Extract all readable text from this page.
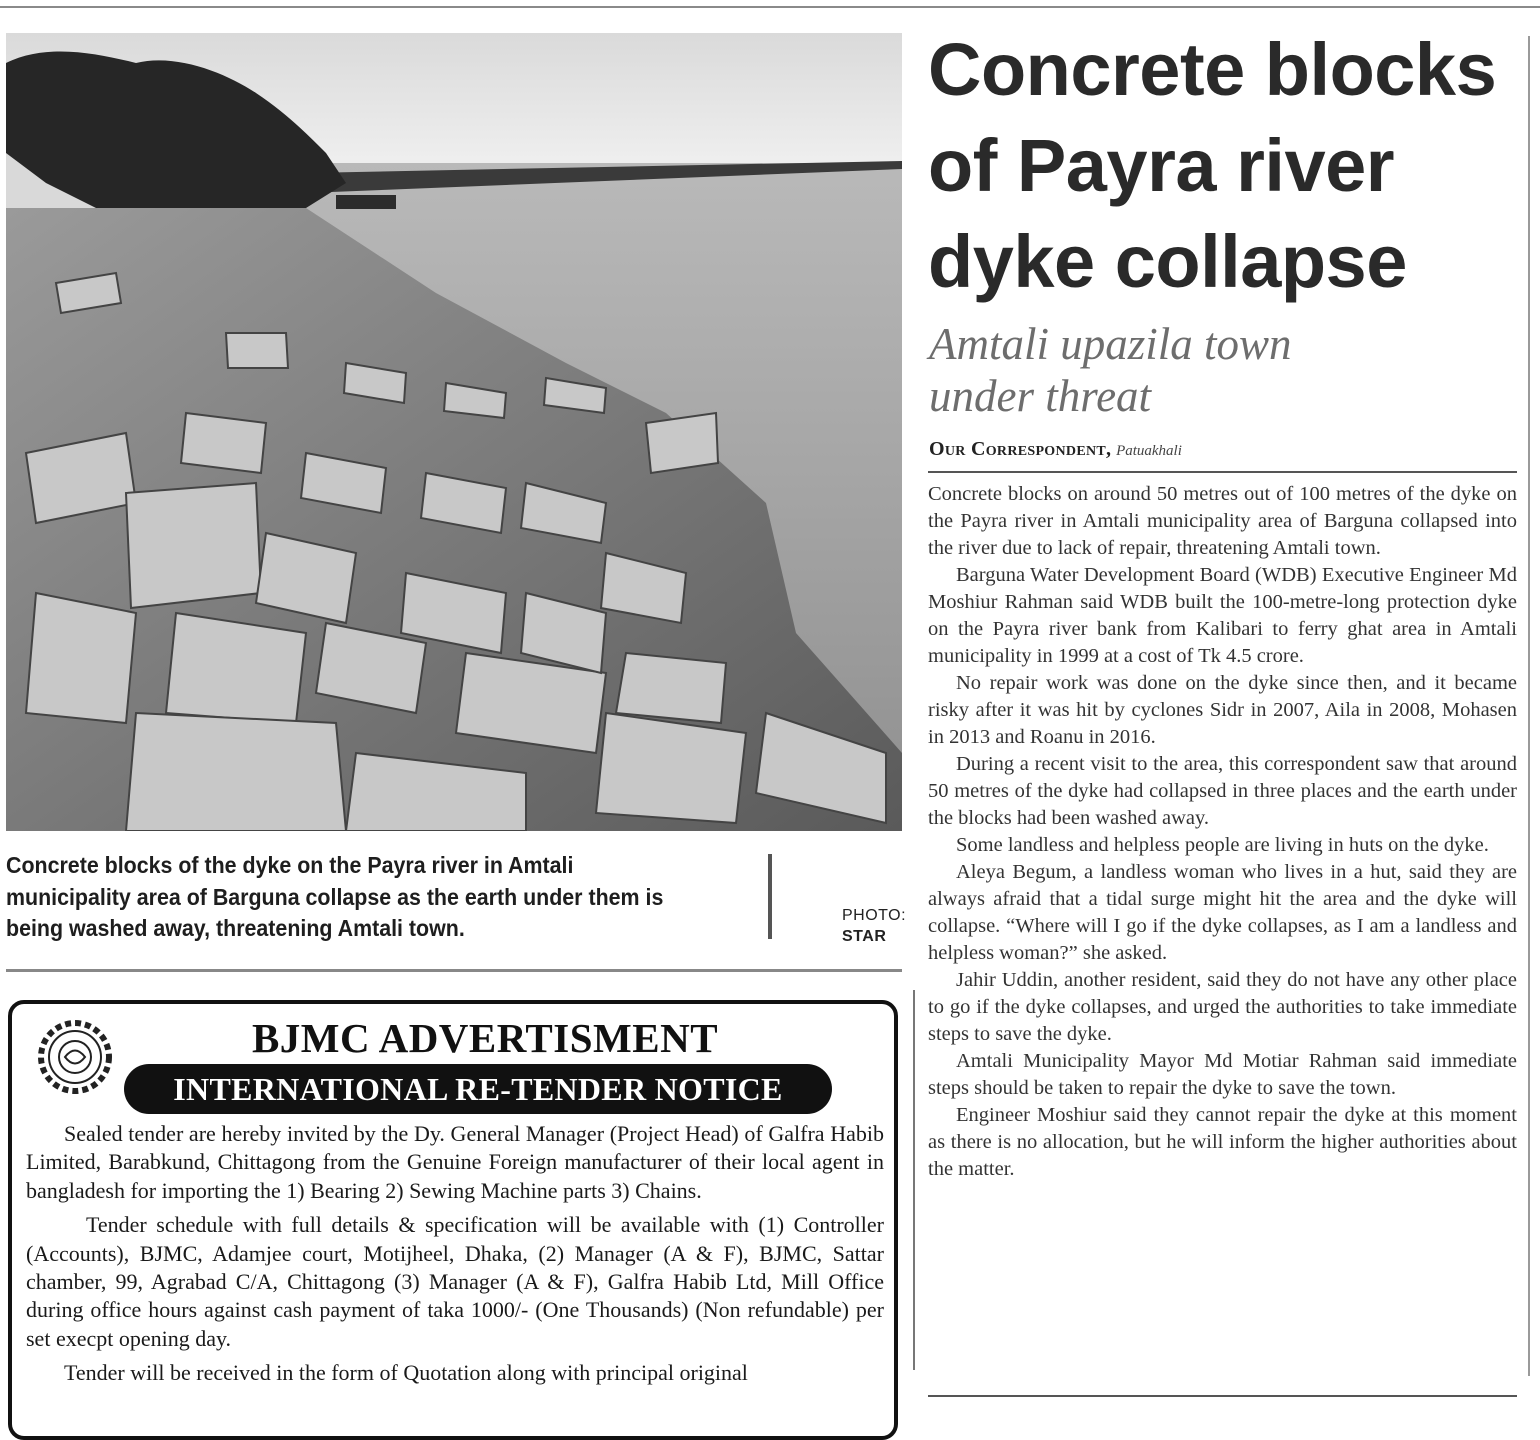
Concrete blocks of the dyke on the Payra river in Amtali municipality area of Barguna collapse as the earth under them is being washed away, threatening Amtali town.	PHOTO:
STAR
BJMC ADVERTISMENT
INTERNATIONAL RE-TENDER NOTICE

Sealed tender are hereby invited by the Dy. General Manager (Project Head) of Galfra Habib Limited, Barabkund, Chittagong from the Genuine Foreign manufacturer of their local agent in bangladesh for importing the 1) Bearing 2) Sewing Machine parts 3) Chains.

Tender schedule with full details & specification will be available with (1) Controller (Accounts), BJMC, Adamjee court, Motijheel, Dhaka, (2) Manager (A & F), BJMC, Sattar chamber, 99, Agrabad C/A, Chittagong (3) Manager (A & F), Galfra Habib Ltd, Mill Office during office hours against cash payment of taka 1000/- (One Thousands) (Non refundable) per set execpt opening day.

Tender will be received in the form of Quotation along with principal original

Concrete blocks
of Payra river
dyke collapse
Amtali upazila town
under threat
Our Correspondent, Patuakhali

Concrete blocks on around 50 metres out of 100 metres of the dyke on the Payra river in Amtali municipality area of Barguna collapsed into the river due to lack of repair, threatening Amtali town.

Barguna Water Development Board (WDB) Executive Engineer Md Moshiur Rahman said WDB built the 100-metre-long protection dyke on the Payra river bank from Kalibari to ferry ghat area in Amtali municipality in 1999 at a cost of Tk 4.5 crore.

No repair work was done on the dyke since then, and it became risky after it was hit by cyclones Sidr in 2007, Aila in 2008, Mohasen in 2013 and Roanu in 2016.

During a recent visit to the area, this correspondent saw that around 50 metres of the dyke had collapsed in three places and the earth under the blocks had been washed away.

Some landless and helpless people are living in huts on the dyke.

Aleya Begum, a landless woman who lives in a hut, said they are always afraid that a tidal surge might hit the area and the dyke will collapse. “Where will I go if the dyke collapses, as I am a landless and helpless woman?” she asked.

Jahir Uddin, another resident, said they do not have any other place to go if the dyke collapses, and urged the authorities to take immediate steps to save the dyke.

Amtali Municipality Mayor Md Motiar Rahman said immediate steps should be taken to repair the dyke to save the town.

Engineer Moshiur said they cannot repair the dyke at this moment as there is no allocation, but he will inform the higher authorities about the matter.
